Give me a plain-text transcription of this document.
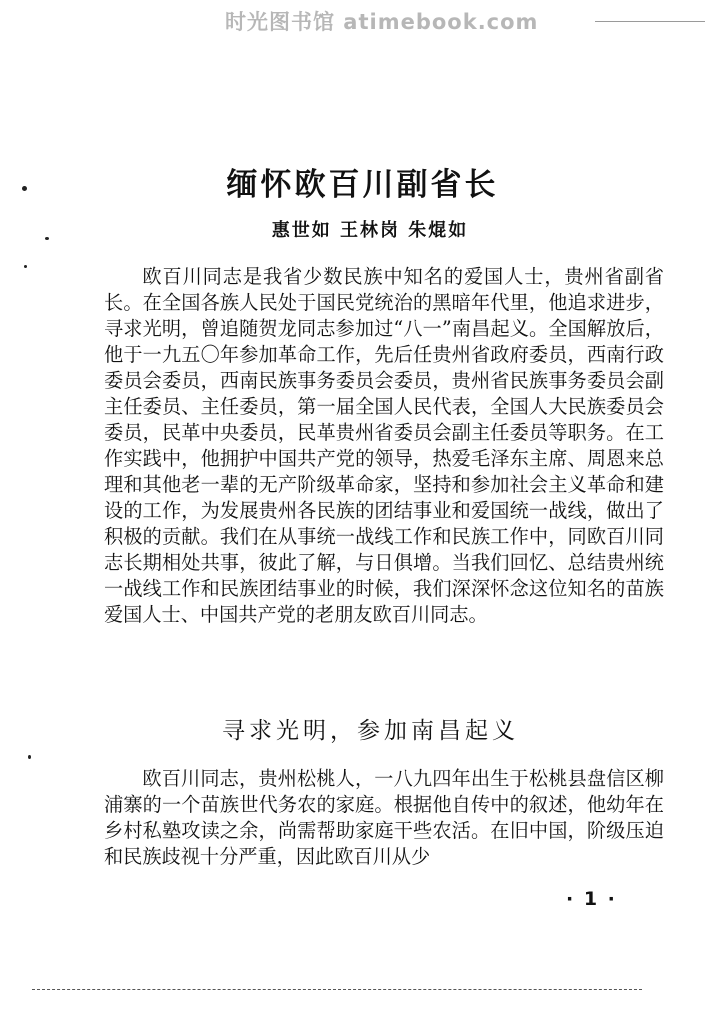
时光图书馆 atimebook.com
缅怀欧百川副省长
惠世如 王林岗 朱焜如

欧百川同志是我省少数民族中知名的爱国人士，贵州省副省长。在全国各族人民处于国民党统治的黑暗年代里，他追求进步，寻求光明，曾追随贺龙同志参加过“八一”南昌起义。全国解放后，他于一九五〇年参加革命工作，先后任贵州省政府委员，西南行政委员会委员，西南民族事务委员会委员，贵州省民族事务委员会副主任委员、主任委员，第一届全国人民代表，全国人大民族委员会委员，民革中央委员，民革贵州省委员会副主任委员等职务。在工作实践中，他拥护中国共产党的领导，热爱毛泽东主席、周恩来总理和其他老一辈的无产阶级革命家，坚持和参加社会主义革命和建设的工作，为发展贵州各民族的团结事业和爱国统一战线，做出了积极的贡献。我们在从事统一战线工作和民族工作中，同欧百川同志长期相处共事，彼此了解，与日俱增。当我们回忆、总结贵州统一战线工作和民族团结事业的时候，我们深深怀念这位知名的苗族爱国人士、中国共产党的老朋友欧百川同志。

寻求光明，参加南昌起义

欧百川同志，贵州松桃人，一八九四年出生于松桃县盘信区柳浦寨的一个苗族世代务农的家庭。根据他自传中的叙述，他幼年在乡村私塾攻读之余，尚需帮助家庭干些农活。在旧中国，阶级压迫和民族歧视十分严重，因此欧百川从少

· 1 ·
